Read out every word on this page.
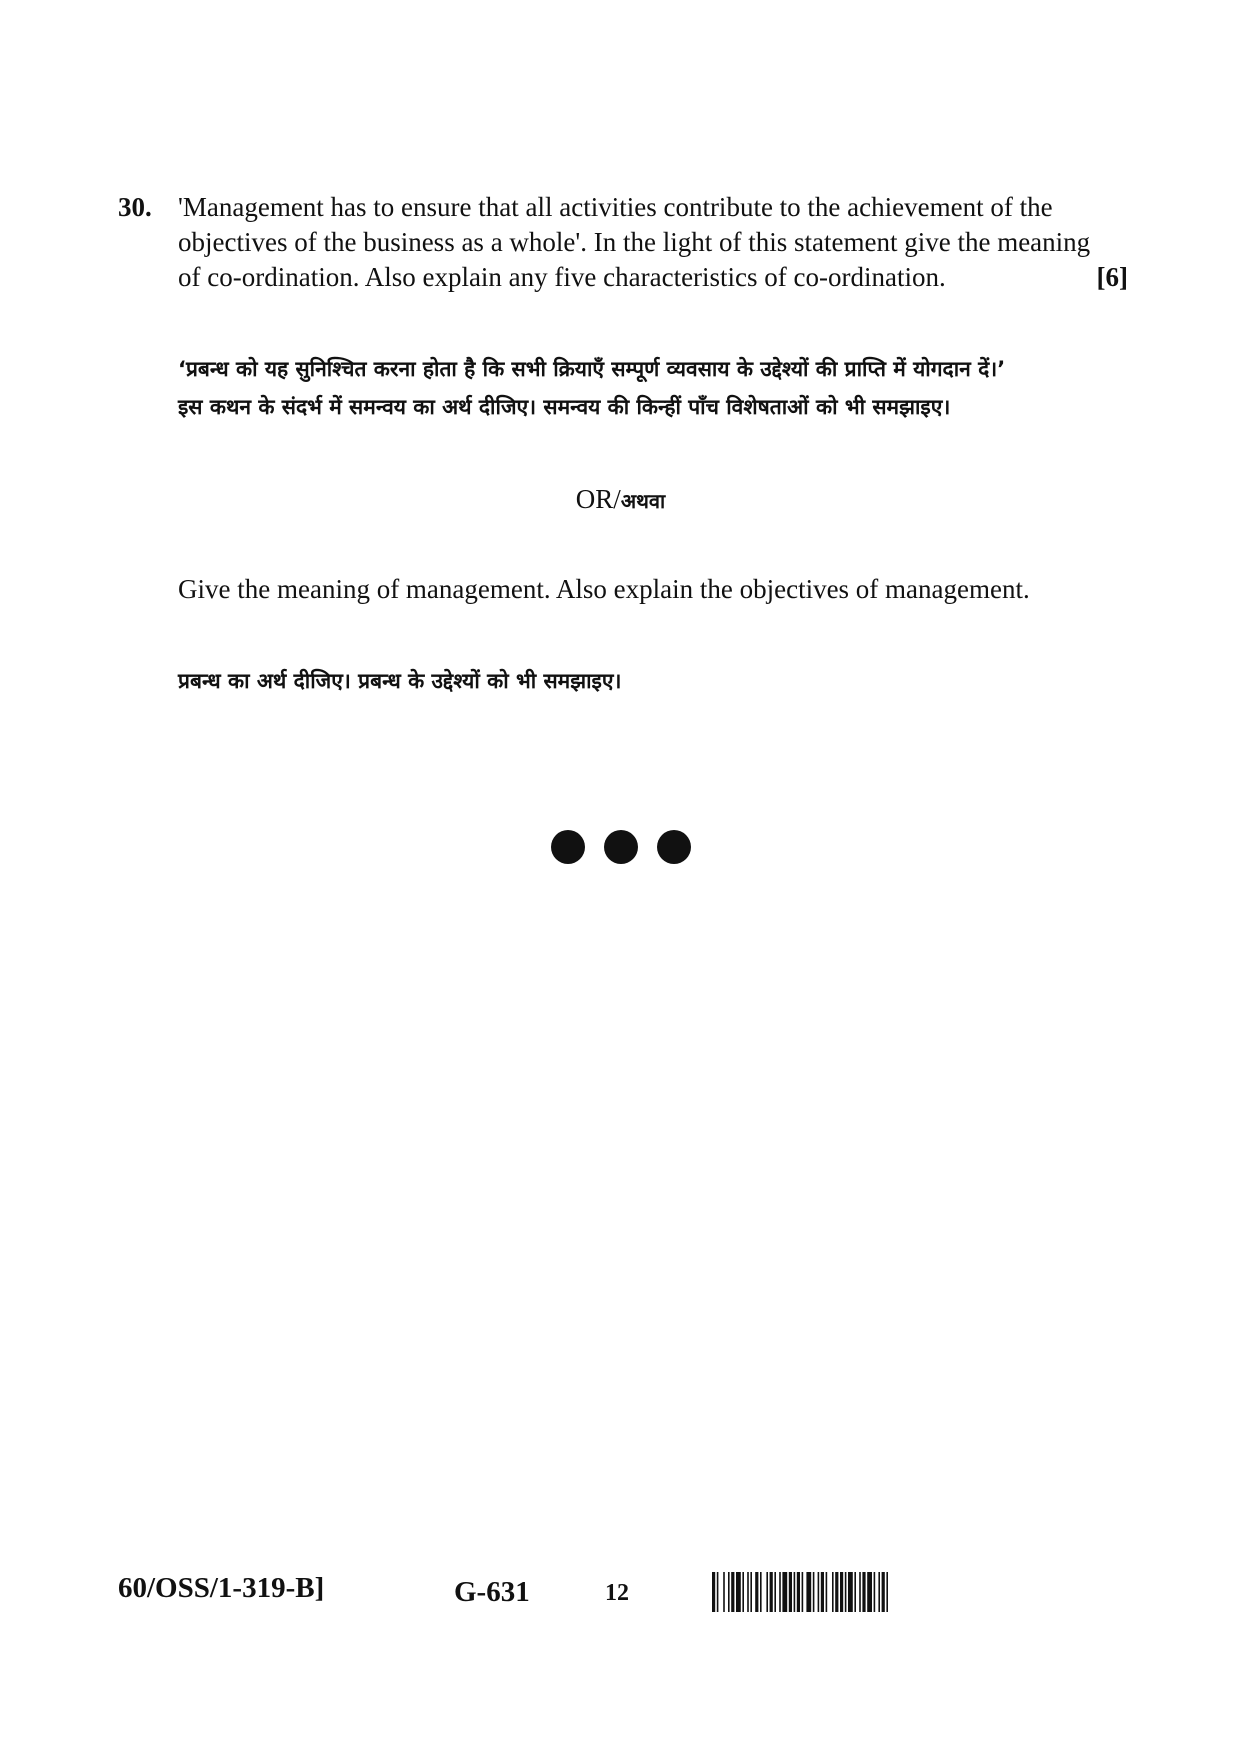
30. 'Management has to ensure that all activities contribute to the achievement of the
objectives of the business as a whole'. In the light of this statement give the meaning
of co-ordination. Also explain any five characteristics of co-ordination.	[6]

‘प्रबन्ध को यह सुनिश्चित करना होता है कि सभी क्रियाएँ सम्पूर्ण व्यवसाय के उद्देश्यों की प्राप्ति में योगदान दें।’

इस कथन के संदर्भ में समन्वय का अर्थ दीजिए। समन्वय की किन्हीं पाँच विशेषताओं को भी समझाइए।

OR/अथवा
Give the meaning of management. Also explain the objectives of management.

प्रबन्ध का अर्थ दीजिए। प्रबन्ध के उद्देश्यों को भी समझाइए।

60/OSS/1-319-B]	G-631	12
